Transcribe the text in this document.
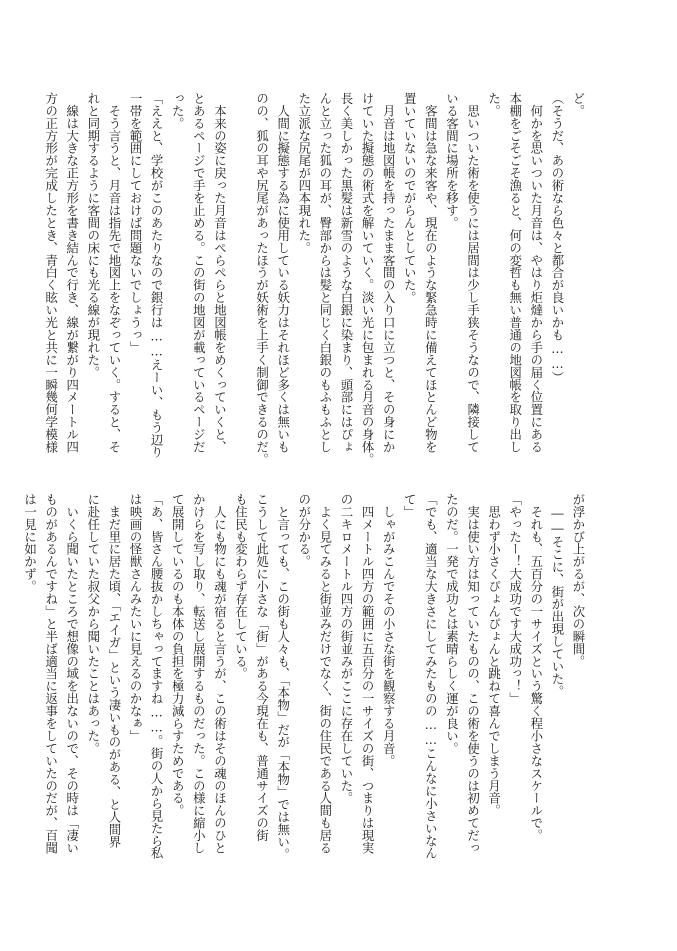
ど。
（そうだ、あの術なら色々と都合が良いかも……）
　何かを思いついた月音は、やはり炬燵から手の届く位置にある
本棚をごそごそ漁ると、何の変哲も無い普通の地図帳を取り出し
た。
　思いついた術を使うには居間は少し手狭そうなので、隣接して
いる客間に場所を移す。
　客間は急な来客や、現在のような緊急時に備えてほとんど物を
置いていないのでがらんとしていた。
　月音は地図帳を持ったまま客間の入り口に立つと、その身にか
けていた擬態の術式を解いていく。淡い光に包まれる月音の身体。
長く美しかった黒髪は新雪のような白銀に染まり、頭部にはぴょ
んと立った狐の耳が、臀部からは髪と同じく白銀のもふもふとし
た立派な尻尾が四本現れた。
　人間に擬態する為に使用している妖力はそれほど多くは無いも
のの、狐の耳や尻尾があったほうが妖術を上手く制御できるのだ。

　本来の姿に戻った月音はぺらぺらと地図帳をめくっていくと、
とあるページで手を止める。この街の地図が載っているページだ
った。
「ええと、学校がこのあたりなので銀行は……えーい、もう辺り
一帯を範囲にしておけば問題ないでしょうっ」
　そう言うと、月音は指先で地図上をなぞっていく。すると、そ
れと同期するように客間の床にも光る線が現れた。
　線は大きな正方形を書き結んで行き、線が繋がり四メートル四
方の正方形が完成したとき、青白く眩い光と共に一瞬幾何学模様
が浮かび上がるが、次の瞬間。
　――そこに、街が出現していた。
　それも、五百分の一サイズという驚く程小さなスケールで。
「やったー！大成功です大成功っ！」
　思わず小さくぴょんぴょんと跳ねて喜んでしまう月音。
　実は使い方は知っていたものの、この術を使うのは初めてだっ
たのだ。一発で成功とは素晴らしく運が良い。
「でも、適当な大きさにしてみたものの……こんなに小さいなん
て」
　しゃがみこんでその小さな街を観察する月音。
　四メートル四方の範囲に五百分の一サイズの街、つまりは現実
の二キロメートル四方の街並みがここに存在していた。
　よく見てみると街並みだけでなく、街の住民である人間も居る
のが分かる。
　と言っても、この街も人々も、「本物」だが「本物」では無い。
こうして此処に小さな「街」がある今現在も、普通サイズの街
も住民も変わらず存在している。
　人にも物にも魂が宿ると言うが、この術はその魂のほんのひと
かけらを写し取り、転送し展開するものだった。この様に縮小し
て展開しているのも本体の負担を極力減らすためである。
「あ、皆さん腰抜かしちゃってますね……。街の人から見たら私
は映画の怪獣さんみたいに見えるのかなぁ」
　まだ里に居た頃、「エイガ」という凄いものがある、と人間界
に赴任していた叔父から聞いたことはあった。
　いくら聞いたところで想像の域を出ないので、その時は「凄い
ものがあるんですね」と半ば適当に返事をしていたのだが、百聞
は一見に如かず。
